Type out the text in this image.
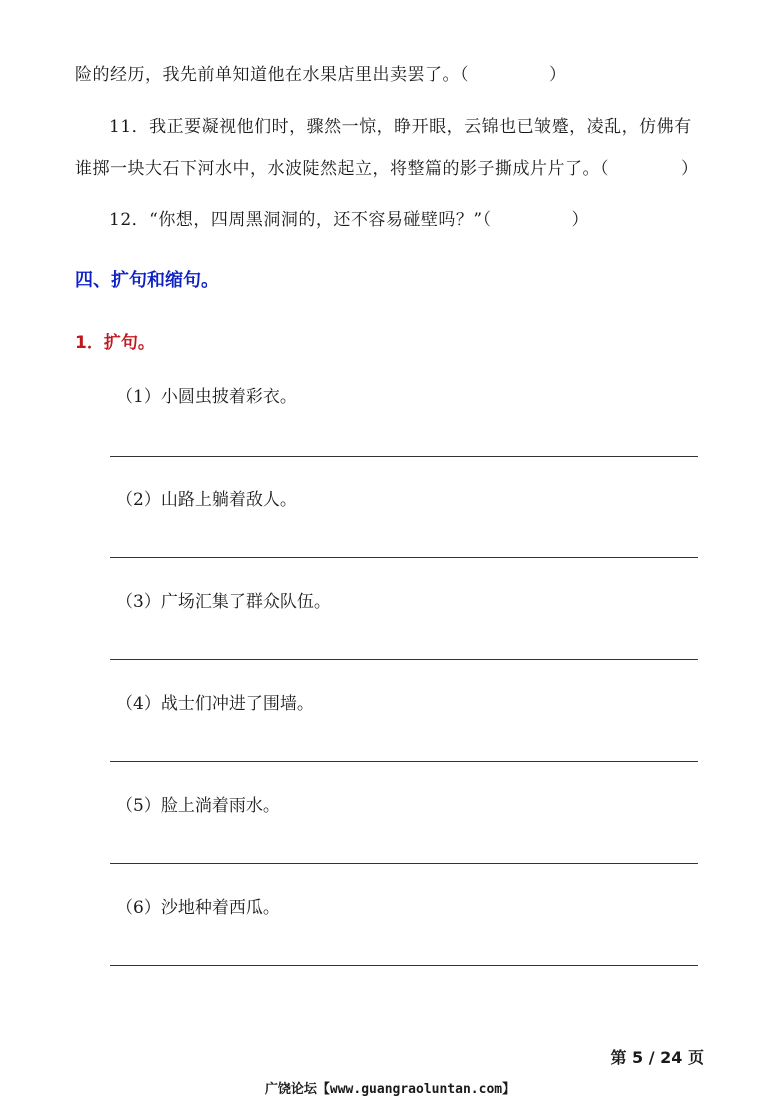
险的经历，我先前单知道他在水果店里出卖罢了。（	）
11．我正要凝视他们时，骤然一惊，睁开眼，云锦也已皱蹙，凌乱，仿佛有
谁掷一块大石下河水中，水波陡然起立，将整篇的影子撕成片片了。（	）
12．“你想，四周黑洞洞的，还不容易碰壁吗？”（	）
四、扩句和缩句。
1．扩句。
（1）小圆虫披着彩衣。
（2）山路上躺着敌人。
（3）广场汇集了群众队伍。
（4）战士们冲进了围墙。
（5）脸上淌着雨水。
（6）沙地种着西瓜。
第 5 / 24 页
广饶论坛【www.guangraoluntan.com】
